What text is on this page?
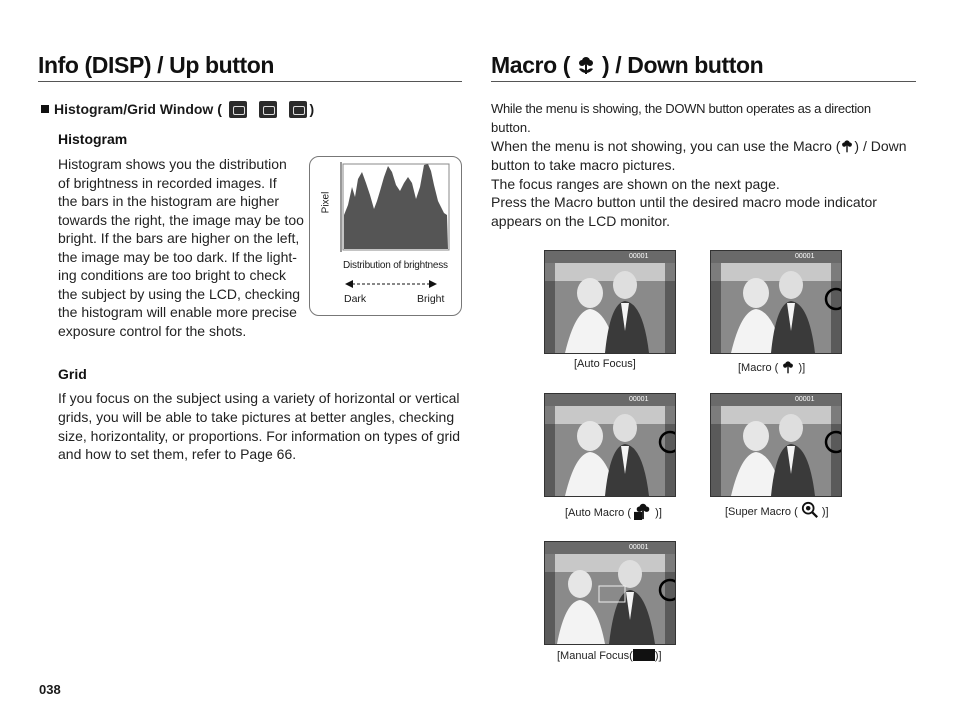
Info (DISP) / Up button
Histogram/Grid Window (	)
Histogram

Histogram shows you the distribution

of brightness in recorded images. If

the bars in the histogram are higher

towards the right, the image may be too

bright. If the bars are higher on the left,

the image may be too dark. If the light-

ing conditions are too bright to check

the subject by using the LCD, checking

the histogram will enable more precise

exposure control for the shots.

Pixel
Distribution of brightness
Dark	Bright
Grid

If you focus on the subject using a variety of horizontal or vertical

grids, you will be able to take pictures at better angles, checking

size, horizontality, or proportions. For information on types of grid

and how to set them, refer to Page 66.

Macro ( ) / Down button

While the menu is showing, the DOWN button operates as a direction

button.

When the menu is not showing, you can use the Macro ( ) / Down

button to take macro pictures.

The focus ranges are shown on the next page.

Press the Macro button until the desired macro mode indicator

appears on the LCD monitor.

00001
[Auto Focus]
00001
[Macro ( )]
00001
[Auto Macro ( )]
00001
[Super Macro ( )]
00001
[Manual Focus( )]
038
